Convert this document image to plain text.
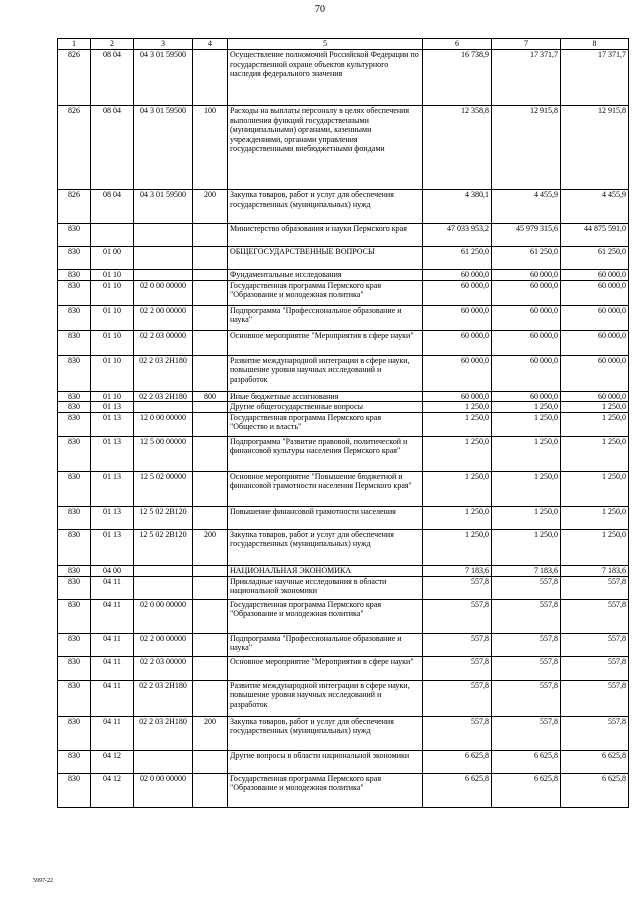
70
1	2	3	4	5	6	7	8
826	08 04	04 3 01 59500		Осуществление полномочий Российской Федерации по государственной охране объектов культурного наследия федерального значения	16 738,9	17 371,7	17 371,7
826	08 04	04 3 01 59500	100	Расходы на выплаты персоналу в целях обеспечения выполнения функций государственными (муниципальными) органами, казенными учреждениями, органами управления государственными внебюджетными фондами	12 358,8	12 915,8	12 915,8
826	08 04	04 3 01 59500	200	Закупка товаров, работ и услуг для обеспечения государственных (муниципальных) нужд	4 380,1	4 455,9	4 455,9
830				Министерство образования и науки Пермского края	47 033 953,2	45 979 315,6	44 875 591,0
830	01 00			ОБЩЕГОСУДАРСТВЕННЫЕ ВОПРОСЫ	61 250,0	61 250,0	61 250,0
830	01 10			Фундаментальные исследования	60 000,0	60 000,0	60 000,0
830	01 10	02 0 00 00000		Государственная программа Пермского края "Образование и молодежная политика"	60 000,0	60 000,0	60 000,0
830	01 10	02 2 00 00000		Подпрограмма "Профессиональное образование и наука"	60 000,0	60 000,0	60 000,0
830	01 10	02 2 03 00000		Основное мероприятие "Мероприятия в сфере науки"	60 000,0	60 000,0	60 000,0
830	01 10	02 2 03 2Н180		Развитие международной интеграции в сфере науки, повышение уровня научных исследований и разработок	60 000,0	60 000,0	60 000,0
830	01 10	02 2 03 2Н180	800	Иные бюджетные ассигнования	60 000,0	60 000,0	60 000,0
830	01 13			Другие общегосударственные вопросы	1 250,0	1 250,0	1 250,0
830	01 13	12 0 00 00000		Государственная программа Пермского края "Общество и власть"	1 250,0	1 250,0	1 250,0
830	01 13	12 5 00 00000		Подпрограмма "Развитие правовой, политической и финансовой культуры населения Пермского края"	1 250,0	1 250,0	1 250,0
830	01 13	12 5 02 00000		Основное мероприятие "Повышение бюджетной и финансовой грамотности населения Пермского края"	1 250,0	1 250,0	1 250,0
830	01 13	12 5 02 2В120		Повышение финансовой грамотности населения	1 250,0	1 250,0	1 250,0
830	01 13	12 5 02 2В120	200	Закупка товаров, работ и услуг для обеспечения государственных (муниципальных) нужд	1 250,0	1 250,0	1 250,0
830	04 00			НАЦИОНАЛЬНАЯ ЭКОНОМИКА	7 183,6	7 183,6	7 183,6
830	04 11			Прикладные научные исследования в области национальной экономики	557,8	557,8	557,8
830	04 11	02 0 00 00000		Государственная программа Пермского края "Образование и молодежная политика"	557,8	557,8	557,8
830	04 11	02 2 00 00000		Подпрограмма "Профессиональное образование и наука"	557,8	557,8	557,8
830	04 11	02 2 03 00000		Основное мероприятие "Мероприятия в сфере науки"	557,8	557,8	557,8
830	04 11	02 2 03 2Н180		Развитие международной интеграции в сфере науки, повышение уровня научных исследований и разработок	557,8	557,8	557,8
830	04 11	02 2 03 2Н180	200	Закупка товаров, работ и услуг для обеспечения государственных (муниципальных) нужд	557,8	557,8	557,8
830	04 12			Другие вопросы в области национальной экономики	6 625,8	6 625,8	6 625,8
830	04 12	02 0 00 00000		Государственная программа Пермского края "Образование и молодежная политика"	6 625,8	6 625,8	6 625,8
5997-22
